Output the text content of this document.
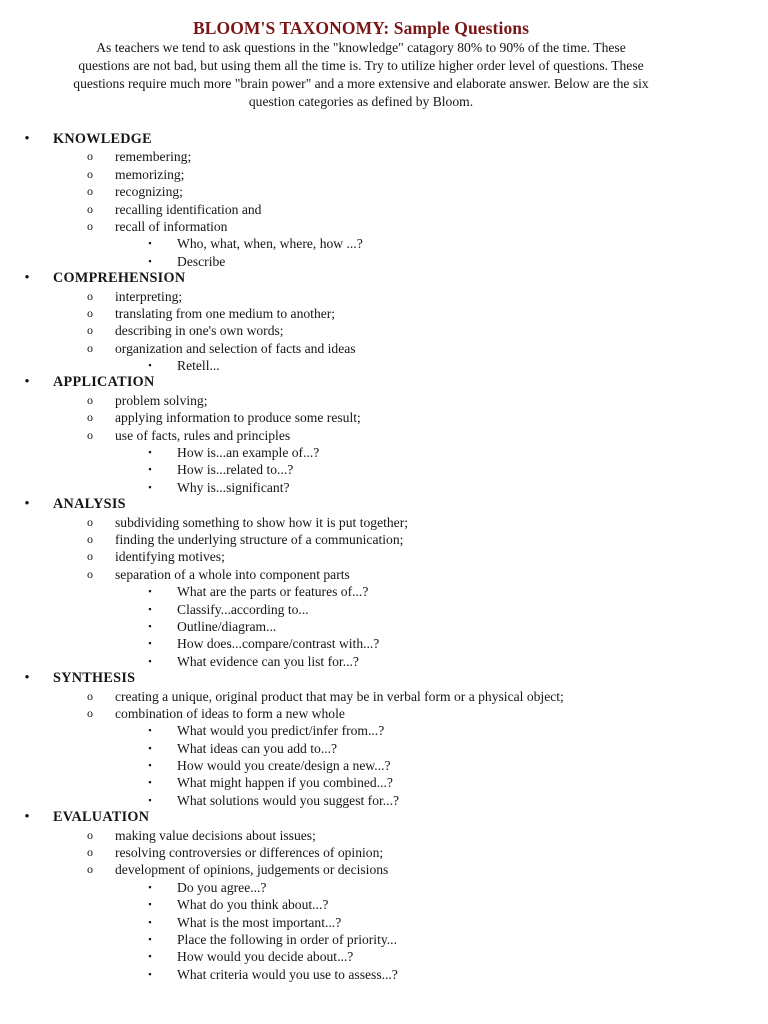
BLOOM'S TAXONOMY: Sample Questions
As teachers we tend to ask questions in the "knowledge" catagory 80% to 90% of the time. These
questions are not bad, but using them all the time is. Try to utilize higher order level of questions. These
questions require much more "brain power" and a more extensive and elaborate answer. Below are the six
question categories as defined by Bloom.
•	KNOWLEDGE
o remembering;
o memorizing;
o recognizing;
o recalling identification and
o recall of information
▪	Who, what, when, where, how ...?
▪	Describe
•	COMPREHENSION
o interpreting;
o translating from one medium to another;
o describing in one's own words;
o organization and selection of facts and ideas
▪	Retell...
•	APPLICATION
o problem solving;
o applying information to produce some result;
o use of facts, rules and principles
▪	How is...an example of...?
▪	How is...related to...?
▪	Why is...significant?
•	ANALYSIS
o subdividing something to show how it is put together;
o finding the underlying structure of a communication;
o identifying motives;
o separation of a whole into component parts
▪	What are the parts or features of...?
▪	Classify...according to...
▪	Outline/diagram...
▪	How does...compare/contrast with...?
▪	What evidence can you list for...?
•	SYNTHESIS
o creating a unique, original product that may be in verbal form or a physical object;
o combination of ideas to form a new whole
▪	What would you predict/infer from...?
▪	What ideas can you add to...?
▪	How would you create/design a new...?
▪	What might happen if you combined...?
▪	What solutions would you suggest for...?
•	EVALUATION
o making value decisions about issues;
o resolving controversies or differences of opinion;
o development of opinions, judgements or decisions
▪	Do you agree...?
▪	What do you think about...?
▪	What is the most important...?
▪	Place the following in order of priority...
▪	How would you decide about...?
▪	What criteria would you use to assess...?
